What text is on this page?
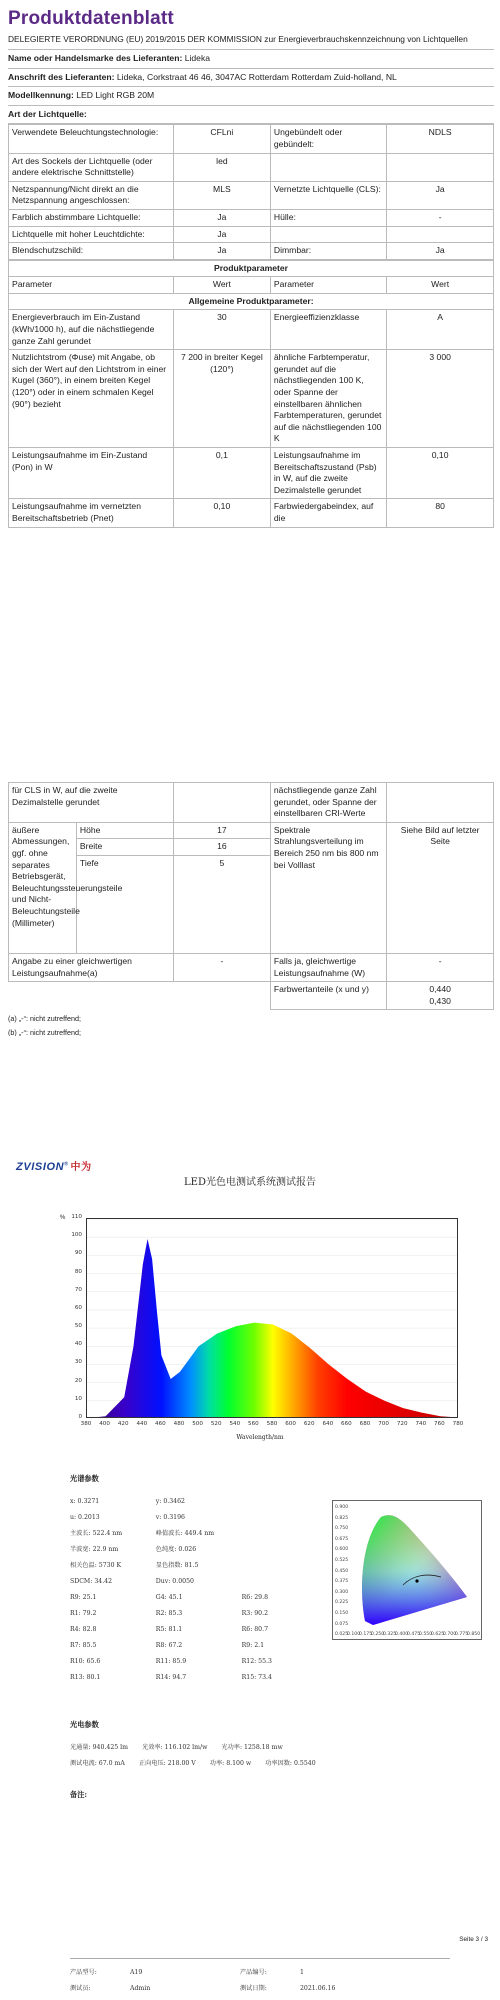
Produktdatenblatt
DELEGIERTE VERORDNUNG (EU) 2019/2015 DER KOMMISSION zur Energieverbrauchskennzeichnung von Lichtquellen
Name oder Handelsmarke des Lieferanten: Lideka
Anschrift des Lieferanten: Lideka, Corkstraat 46 46, 3047AC Rotterdam Rotterdam Zuid-holland, NL
Modellkennung: LED Light RGB 20M
Art der Lichtquelle:
Verwendete Beleuchtungstechnologie:	CFLni	Ungebündelt oder gebündelt:	NDLS
Art des Sockels der Lichtquelle (oder andere elektrische Schnittstelle)	led		
Netzspannung/Nicht direkt an die Netzspannung angeschlossen:	MLS	Vernetzte Lichtquelle (CLS):	Ja
Farblich abstimmbare Lichtquelle:	Ja	Hülle:	-
Lichtquelle mit hoher Leuchtdichte:	Ja		
Blendschutzschild:	Ja	Dimmbar:	Ja
Produktparameter			
Parameter	Wert	Parameter	Wert
Allgemeine Produktparameter:			
Energieverbrauch im Ein-Zustand (kWh/1000 h), auf die nächstliegende ganze Zahl gerundet	30	Energieeffizienzklasse	A
Nutzlichtstrom (Φuse) mit Angabe, ob sich der Wert auf den Lichtstrom in einer Kugel (360°), in einem breiten Kegel (120°) oder in einem schmalen Kegel (90°) bezieht	7 200 in breiter Kegel (120°)	ähnliche Farbtemperatur, gerundet auf die nächstliegenden 100 K, oder Spanne der einstellbaren ähnlichen Farbtemperaturen, gerundet auf die nächstliegenden 100 K	3 000
Leistungsaufnahme im Ein-Zustand (Pon) in W	0,1	Leistungsaufnahme im Bereitschaftszustand (Psb) in W, auf die zweite Dezimalstelle gerundet	0,10
Leistungsaufnahme im vernetzten Bereitschaftsbetrieb (Pnet)	0,10	Farbwiedergabeindex, auf die	80
für CLS in W, auf die zweite Dezimalstelle gerundet			nächstliegende ganze Zahl gerundet, oder Spanne der einstellbaren CRI-Werte	
äußere Abmessungen, ggf. ohne separates Betriebsgerät, Beleuchtungssteuerungsteile und Nicht-Beleuchtungsteile (Millimeter)	Höhe	17	Spektrale Strahlungsverteilung im Bereich 250 nm bis 800 nm bei Volllast	Siehe Bild auf letzter Seite
	Breite	16		
	Tiefe	5		
Angabe zu einer gleichwertigen Leistungsaufnahme(a)		-	Falls ja, gleichwertige Leistungsaufnahme (W)	-
			Farbwertanteile (x und y)	0,440
0,430
(a) „-“: nicht zutreffend;
(b) „-“: nicht zutreffend;
ZVISION® 中为
LED光色电测试系统测试报告
%
0
10
20
30
40
50
60
70
80
90
100
110
380	400	420	440	460	480	500	520	540	560	580	600	620	640	660	680	700	720	740	760	780
Wavelength/nm
光谱参数
x: 0.3271	y: 0.3462
u: 0.2013	v: 0.3196
主波长: 522.4 nm	峰值波长: 449.4 nm
半波宽: 22.9 nm	色纯度: 0.026
相关色温: 5730 K	显色指数: 81.5
SDCM: 34.42	Duv: 0.0050
R9: 25.1	G4: 45.1	R6: 29.8
R1: 79.2	R2: 85.3	R3: 90.2
R4: 82.8	R5: 81.1	R6: 80.7
R7: 85.5	R8: 67.2	R9: 2.1
R10: 65.6	R11: 85.9	R12: 55.3
R13: 80.1	R14: 94.7	R15: 73.4
0.900
0.825
0.750
0.675
0.600
0.525
0.450
0.375
0.300
0.225
0.150
0.075
0.025
0.100
0.175
0.250
0.325
0.400
0.475
0.550
0.625
0.700
0.775
0.850
光电参数
光通量: 940.425 lm 光效率: 116.102 lm/w 光功率: 1258.18 mw
测试电流: 67.0 mA 正向电压: 218.00 V 功率: 8.100 w 功率因数: 0.5540
备注:
Seite 3 / 3
产品型号:	A19	产品编号:	1
测试员:	Admin	测试日期:	2021.06.16
